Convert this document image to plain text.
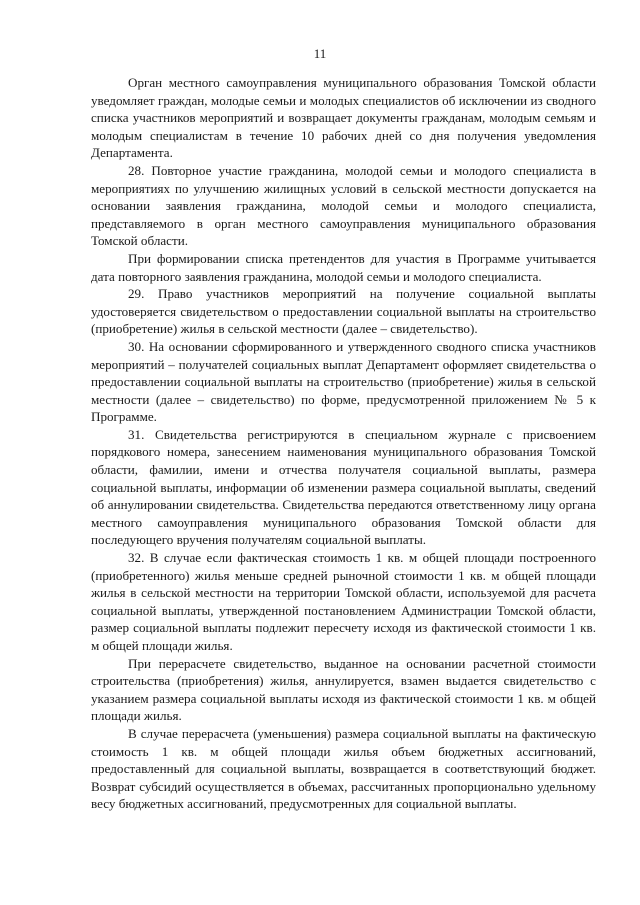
11

Орган местного самоуправления муниципального образования Томской области уведомляет граждан, молодые семьи и молодых специалистов об исключении из сводного списка участников мероприятий и возвращает документы гражданам, молодым семьям и молодым специалистам в течение 10 рабочих дней со дня получения уведомления Департамента.

28. Повторное участие гражданина, молодой семьи и молодого специалиста в мероприятиях по улучшению жилищных условий в сельской местности допускается на основании заявления гражданина, молодой семьи и молодого специалиста, представляемого в орган местного самоуправления муниципального образования Томской области.

При формировании списка претендентов для участия в Программе учитывается дата повторного заявления гражданина, молодой семьи и молодого специалиста.

29. Право участников мероприятий на получение социальной выплаты удостоверяется свидетельством о предоставлении социальной выплаты на строительство (приобретение) жилья в сельской местности (далее – свидетельство).

30. На основании сформированного и утвержденного сводного списка участников мероприятий – получателей социальных выплат Департамент оформляет свидетельства о предоставлении социальной выплаты на строительство (приобретение) жилья в сельской местности (далее – свидетельство) по форме, предусмотренной приложением № 5 к Программе.

31. Свидетельства регистрируются в специальном журнале с присвоением порядкового номера, занесением наименования муниципального образования Томской области, фамилии, имени и отчества получателя социальной выплаты, размера социальной выплаты, информации об изменении размера социальной выплаты, сведений об аннулировании свидетельства. Свидетельства передаются ответственному лицу органа местного самоуправления муниципального образования Томской области для последующего вручения получателям социальной выплаты.

32. В случае если фактическая стоимость 1 кв. м общей площади построенного (приобретенного) жилья меньше средней рыночной стоимости 1 кв. м общей площади жилья в сельской местности на территории Томской области, используемой для расчета социальной выплаты, утвержденной постановлением Администрации Томской области, размер социальной выплаты подлежит пересчету исходя из фактической стоимости 1 кв. м общей площади жилья.

При перерасчете свидетельство, выданное на основании расчетной стоимости строительства (приобретения) жилья, аннулируется, взамен выдается свидетельство с указанием размера социальной выплаты исходя из фактической стоимости 1 кв. м общей площади жилья.

В случае перерасчета (уменьшения) размера социальной выплаты на фактическую стоимость 1 кв. м общей площади жилья объем бюджетных ассигнований, предоставленный для социальной выплаты, возвращается в соответствующий бюджет. Возврат субсидий осуществляется в объемах, рассчитанных пропорционально удельному весу бюджетных ассигнований, предусмотренных для социальной выплаты.
